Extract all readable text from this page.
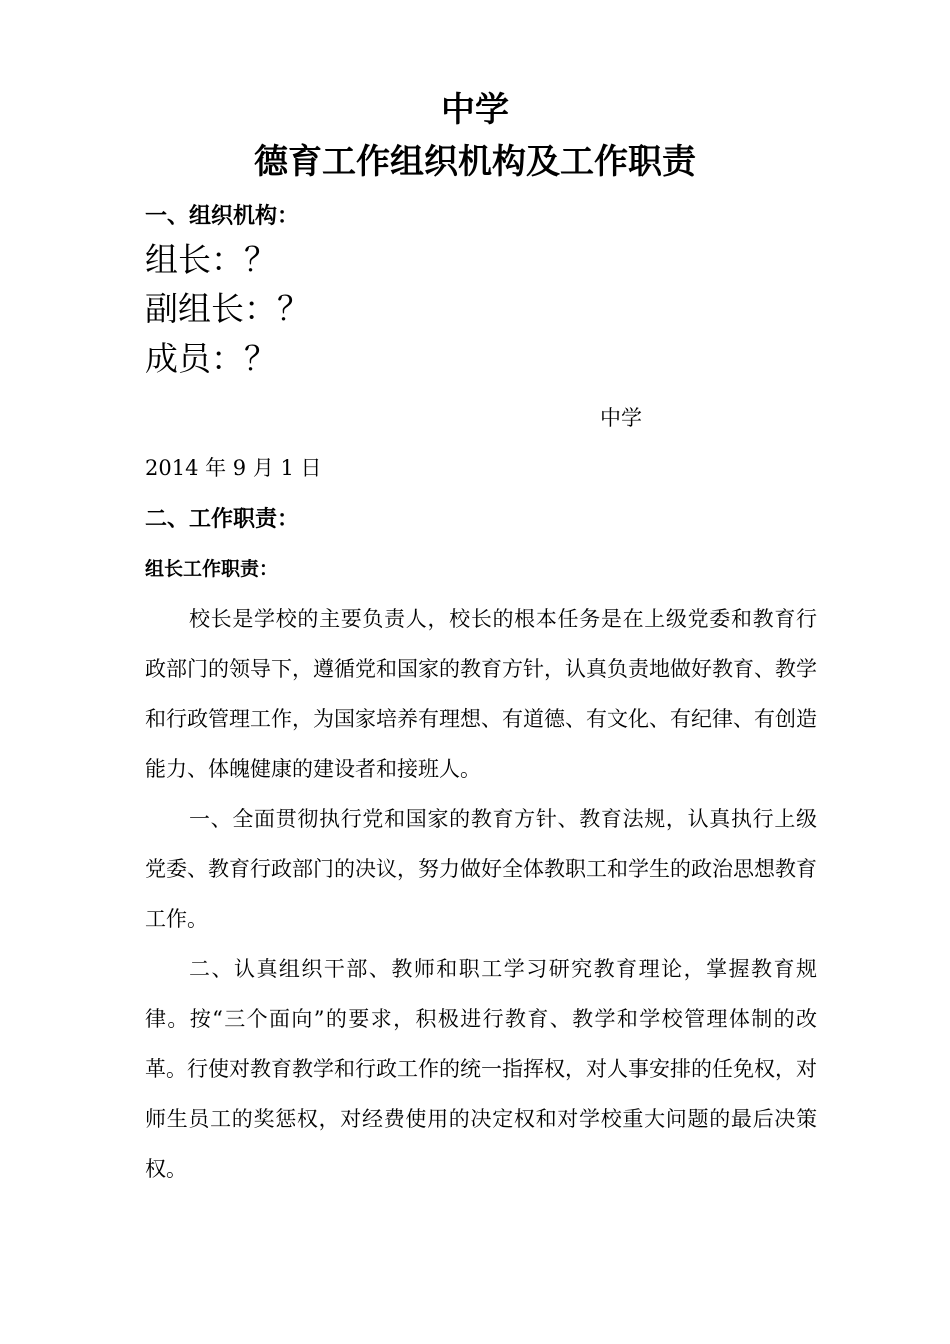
中学
德育工作组织机构及工作职责
一、组织机构：

组长：？

副组长：？

成员：？

中学

2014 年 9 月 1 日

二、工作职责：
组长工作职责：

校长是学校的主要负责人，校长的根本任务是在上级党委和教育行政部门的领导下，遵循党和国家的教育方针，认真负责地做好教育、教学和行政管理工作，为国家培养有理想、有道德、有文化、有纪律、有创造能力、体魄健康的建设者和接班人。

一、全面贯彻执行党和国家的教育方针、教育法规，认真执行上级党委、教育行政部门的决议，努力做好全体教职工和学生的政治思想教育工作。

二、认真组织干部、教师和职工学习研究教育理论，掌握教育规律。按“三个面向”的要求，积极进行教育、教学和学校管理体制的改革。行使对教育教学和行政工作的统一指挥权，对人事安排的任免权，对师生员工的奖惩权，对经费使用的决定权和对学校重大问题的最后决策权。
